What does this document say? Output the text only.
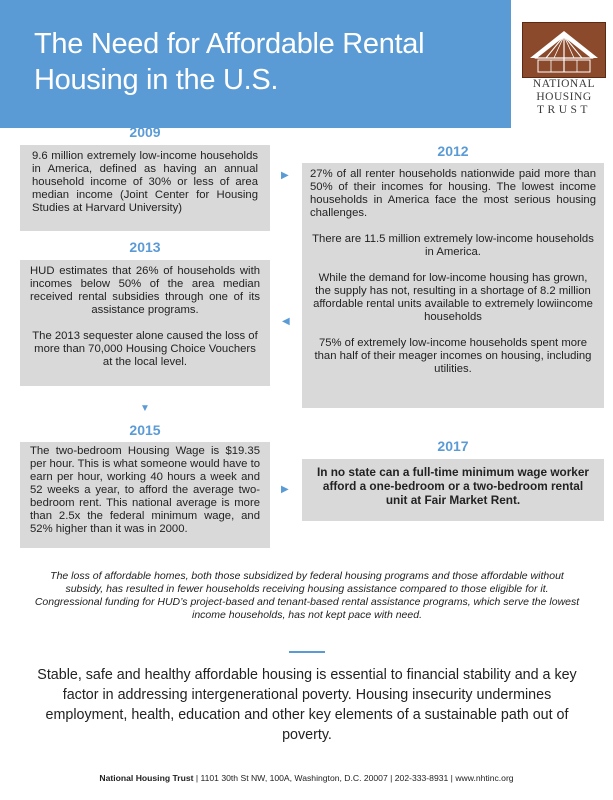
The Need for Affordable Rental
Housing in the U.S.	NATIONAL
HOUSING
TRUST
2009

9.6 million extremely low-income households in America, defined as having an annual household income of 30% or less of area median income (Joint Center for Housing Studies at Harvard University)

▶
2012

27% of all renter households nationwide paid more than 50% of their incomes for housing. The lowest income households in America face the most serious housing challenges.

There are 11.5 million extremely low-income households in America.

While the demand for low-income housing has grown, the supply has not, resulting in a shortage of 8.2 million affordable rental units available to extremely lowiincome households

75% of extremely low-income households spent more than half of their meager incomes on housing, including utilities.

2013

HUD estimates that 26% of households with incomes below 50% of the area median received rental subsidies through one of its assistance programs.

The 2013 sequester alone caused the loss of more than 70,000 Housing Choice Vouchers at the local level.

◀
▼
2015

The two-bedroom Housing Wage is $19.35 per hour. This is what someone would have to earn per hour, working 40 hours a week and 52 weeks a year, to afford the average two-bedroom rent. This national average is more than 2.5x the federal minimum wage, and 52% higher than it was in 2000.

▶
2017

In no state can a full-time minimum wage worker afford a one-bedroom or a two-bedroom rental unit at Fair Market Rent.

The loss of affordable homes, both those subsidized by federal housing programs and those affordable without subsidy, has resulted in fewer households receiving housing assistance compared to those eligible for it. Congressional funding for HUD’s project-based and tenant-based rental assistance programs, which serve the lowest income households, has not kept pace with need.
Stable, safe and healthy affordable housing is essential to financial stability and a key factor in addressing intergenerational poverty. Housing insecurity undermines employment, health, education and other key elements of a sustainable path out of poverty.
National Housing Trust | 1101 30th St NW, 100A, Washington, D.C. 20007 | 202-333-8931 | www.nhtinc.org
